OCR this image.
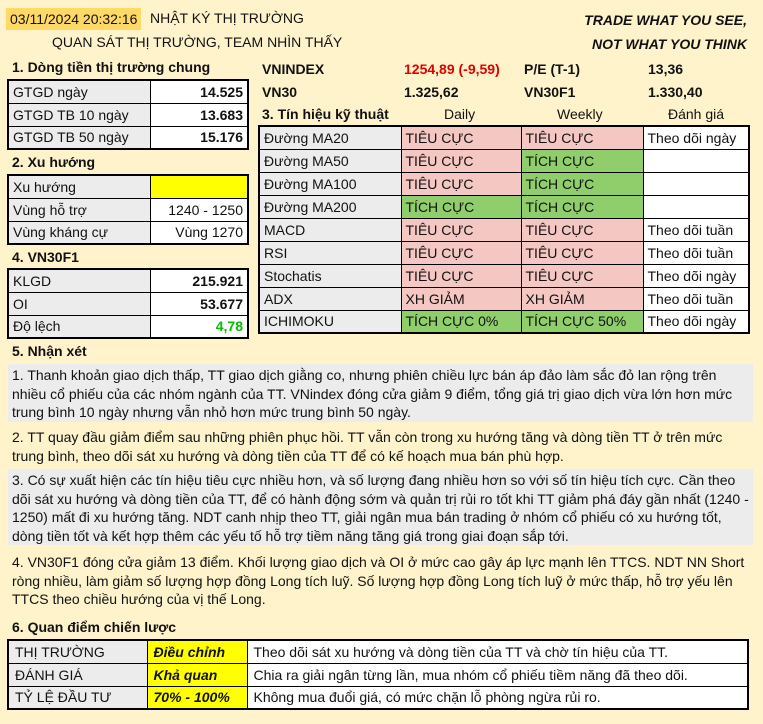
03/11/2024 20:32:16 NHẬT KÝ THỊ TRƯỜNG
QUAN SÁT THỊ TRƯỜNG, TEAM NHÌN THẤY
TRADE WHAT YOU SEE,
NOT WHAT YOU THINK
1. Dòng tiền thị trường chung
GTGD ngày	14.525
GTGD TB 10 ngày	13.683
GTGD TB 50 ngày	15.176
2. Xu hướng
Xu hướng	
Vùng hỗ trợ	1240 - 1250
Vùng kháng cự	Vùng 1270
4. VN30F1
KLGD	215.921
OI	53.677
Độ lệch	4,78
VNINDEX	1254,89 (-9,59) P/E (T-1)	13,36
VN30	1.325,62	VN30F1	1.330,40
3. Tín hiệu kỹ thuật	Daily	Weekly	Đánh giá
Đường MA20	TIÊU CỰC	TIÊU CỰC	Theo dõi ngày
Đường MA50	TIÊU CỰC	TÍCH CỰC	
Đường MA100	TIÊU CỰC	TÍCH CỰC	
Đường MA200	TÍCH CỰC	TÍCH CỰC	
MACD	TIÊU CỰC	TIÊU CỰC	Theo dõi tuần
RSI	TIÊU CỰC	TIÊU CỰC	Theo dõi tuần
Stochatis	TIÊU CỰC	TIÊU CỰC	Theo dõi ngày
ADX	XH GIẢM	XH GIẢM	Theo dõi tuần
ICHIMOKU	TÍCH CỰC 0%	TÍCH CỰC 50%	Theo dõi ngày
5. Nhận xét
1. Thanh khoản giao dịch thấp, TT giao dịch giằng co, nhưng phiên chiều lực bán áp đảo làm sắc đỏ lan rộng trên nhiều cổ phiếu của các nhóm ngành của TT. VNindex đóng cửa giảm 9 điểm, tổng giá trị giao dịch vừa lớn hơn mức trung bình 10 ngày nhưng vẫn nhỏ hơn mức trung bình 50 ngày.
2. TT quay đầu giảm điểm sau những phiên phục hồi. TT vẫn còn trong xu hướng tăng và dòng tiền TT ở trên mức trung bình, theo dõi sát xu hướng và dòng tiền của TT để có kế hoạch mua bán phù hợp.
3. Có sự xuất hiện các tín hiệu tiêu cực nhiều hơn, và số lượng đang nhiều hơn so với số tín hiệu tích cực. Cần theo dõi sát xu hướng và dòng tiền của TT, để có hành động sớm và quản trị rủi ro tốt khi TT giảm phá đáy gần nhất (1240 - 1250) mất đi xu hướng tăng. NDT canh nhịp theo TT, giải ngân mua bán trading ở nhóm cổ phiếu có xu hướng tốt, dòng tiền tốt và kết hợp thêm các yếu tố hỗ trợ tiềm năng tăng giá trong giai đoạn sắp tới.
4. VN30F1 đóng cửa giảm 13 điểm. Khối lượng giao dịch và OI ở mức cao gây áp lực mạnh lên TTCS. NDT NN Short ròng nhiều, làm giảm số lượng hợp đồng Long tích luỹ. Số lượng hợp đồng Long tích luỹ ở mức thấp, hỗ trợ yếu lên TTCS theo chiều hướng của vị thế Long.
6. Quan điểm chiến lược
THỊ TRƯỜNG	Điều chỉnh	Theo dõi sát xu hướng và dòng tiền của TT và chờ tín hiệu của TT.
ĐÁNH GIÁ	Khả quan	Chia ra giải ngân từng lần, mua nhóm cổ phiếu tiềm năng đã theo dõi.
TỶ LỆ ĐẦU TƯ	70% - 100%	Không mua đuổi giá, có mức chặn lỗ phòng ngừa rủi ro.
